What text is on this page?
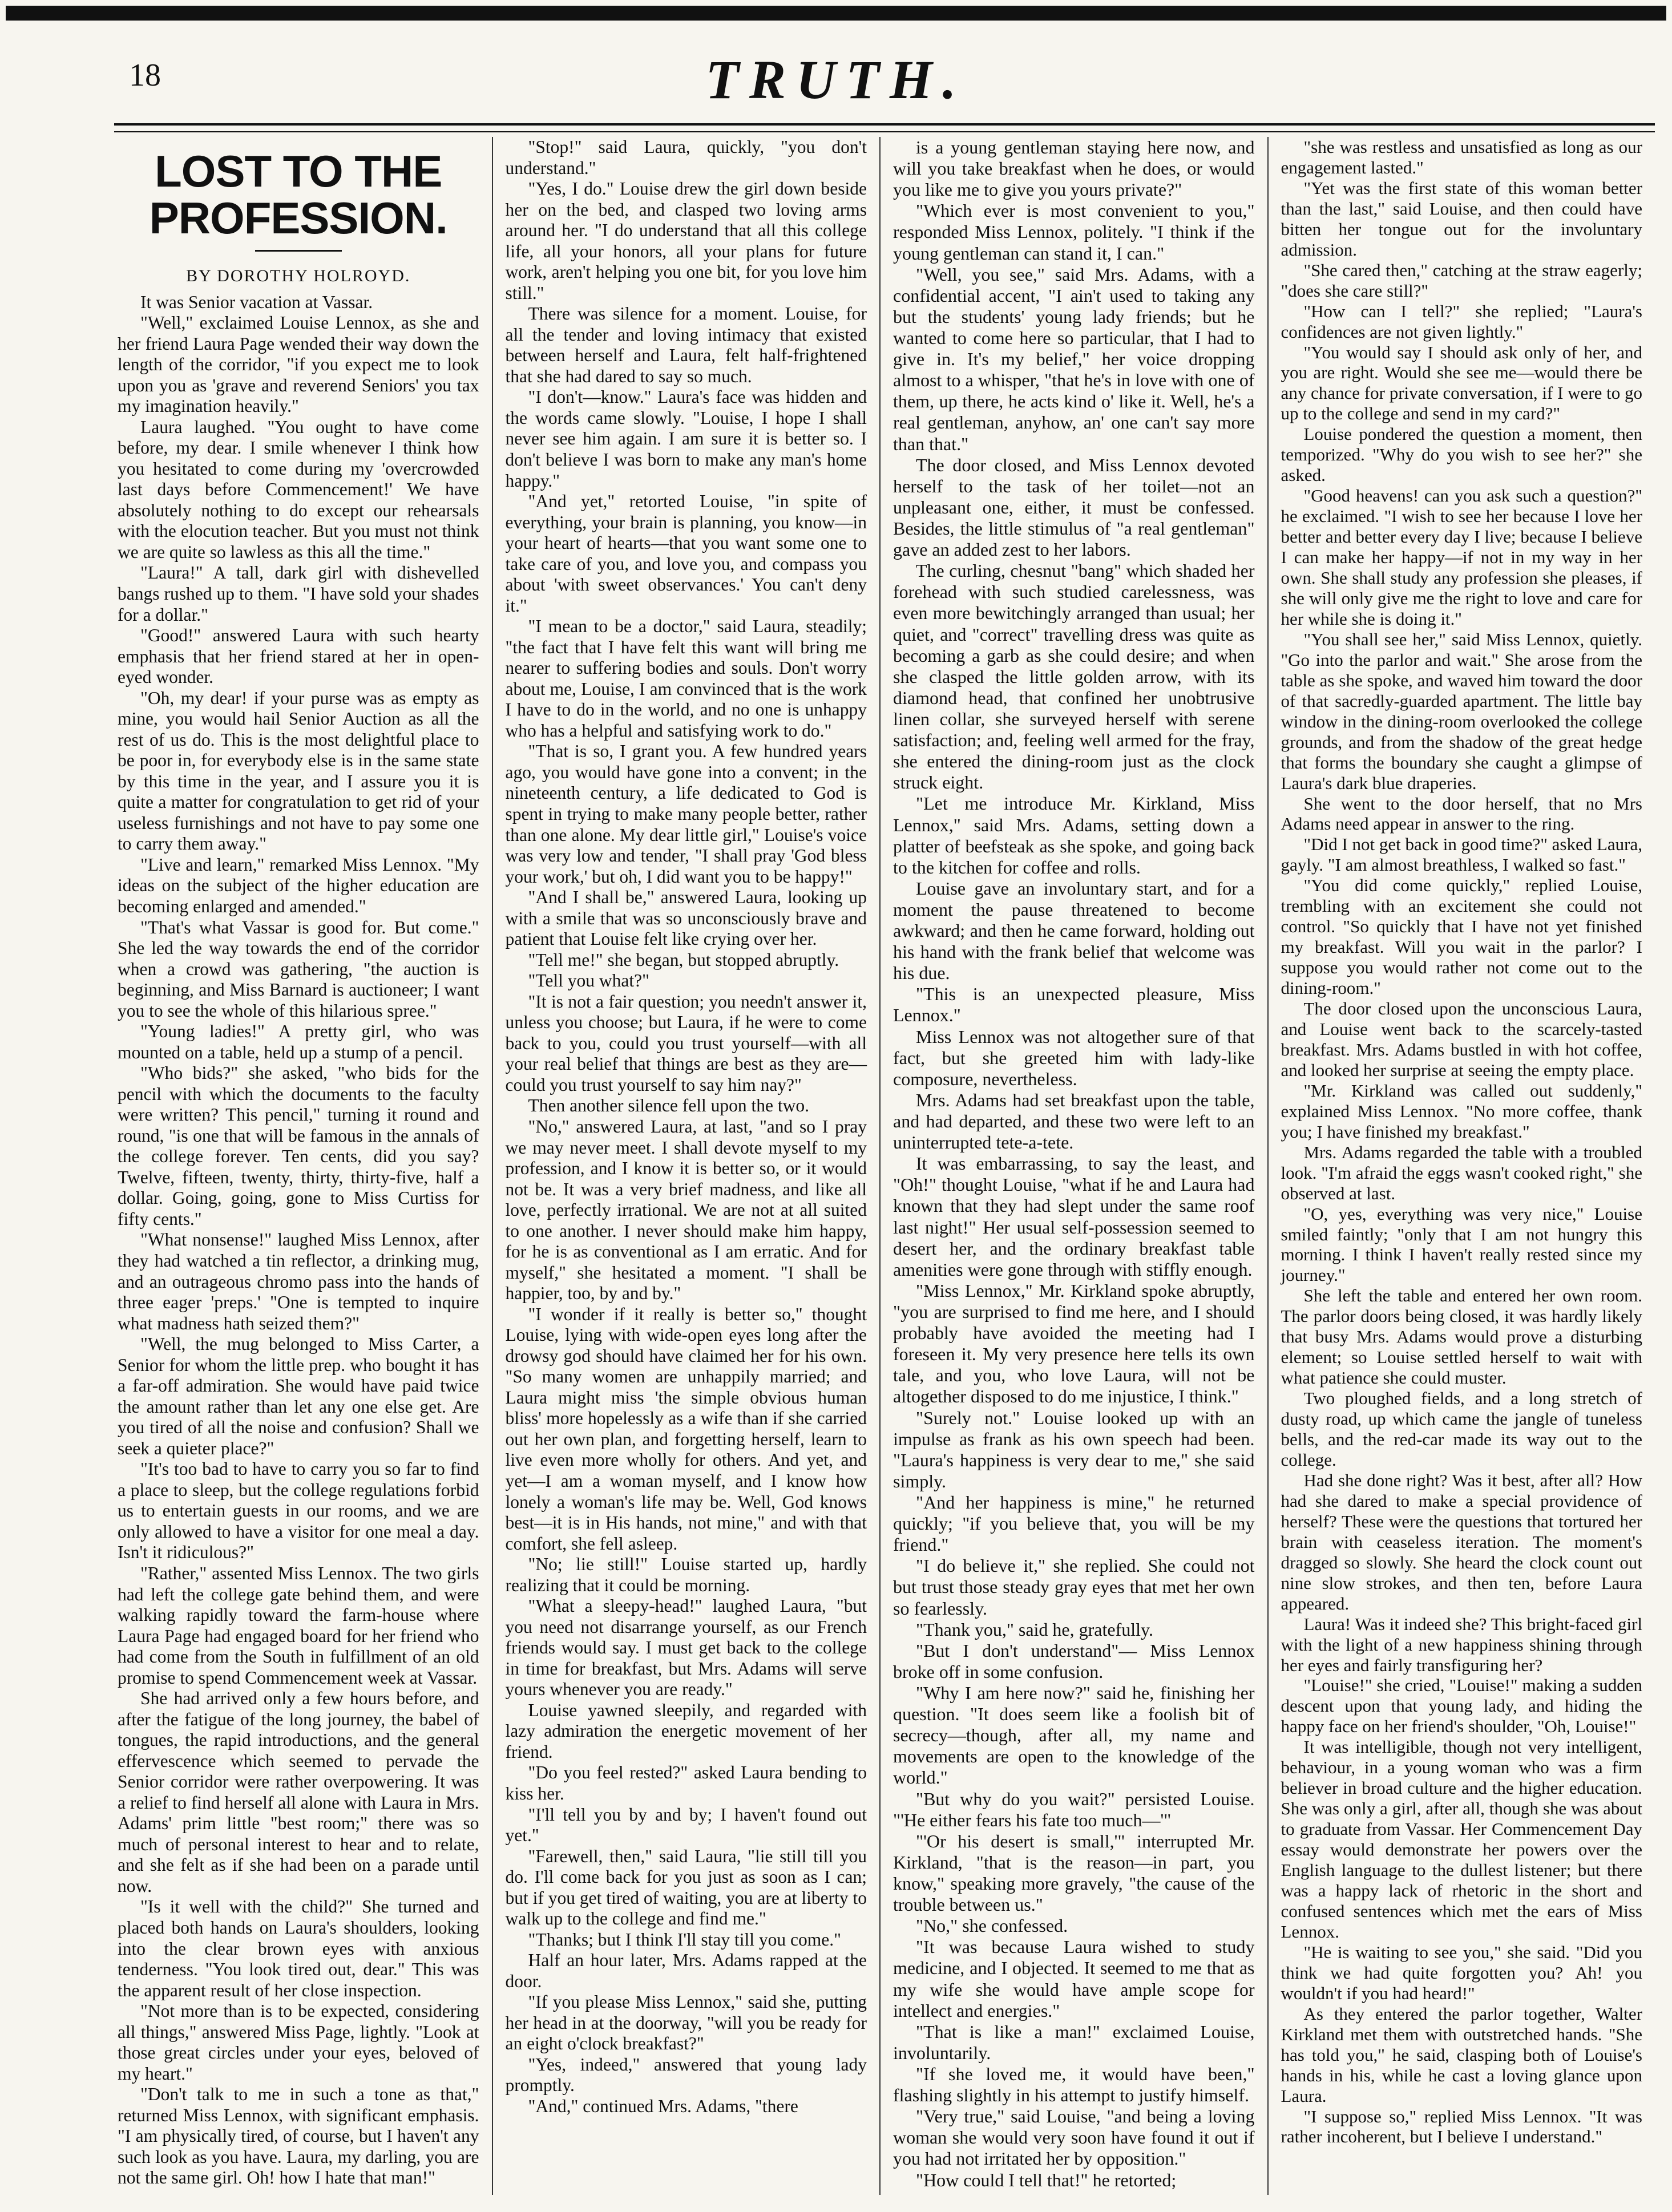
18	TRUTH.
LOST TO THE PROFESSION.
BY DOROTHY HOLROYD.

It was Senior vacation at Vassar.

"Well," exclaimed Louise Lennox, as she and her friend Laura Page wended their way down the length of the corridor, "if you expect me to look upon you as 'grave and reverend Seniors' you tax my imagination heavily."

Laura laughed. "You ought to have come before, my dear. I smile whenever I think how you hesitated to come during my 'overcrowded last days before Commencement!' We have absolutely nothing to do except our rehearsals with the elocution teacher. But you must not think we are quite so lawless as this all the time."

"Laura!" A tall, dark girl with dishevelled bangs rushed up to them. "I have sold your shades for a dollar."

"Good!" answered Laura with such hearty emphasis that her friend stared at her in open-eyed wonder.

"Oh, my dear! if your purse was as empty as mine, you would hail Senior Auction as all the rest of us do. This is the most delightful place to be poor in, for everybody else is in the same state by this time in the year, and I assure you it is quite a matter for congratulation to get rid of your useless furnishings and not have to pay some one to carry them away."

"Live and learn," remarked Miss Lennox. "My ideas on the subject of the higher education are becoming enlarged and amended."

"That's what Vassar is good for. But come." She led the way towards the end of the corridor when a crowd was gathering, "the auction is beginning, and Miss Barnard is auctioneer; I want you to see the whole of this hilarious spree."

"Young ladies!" A pretty girl, who was mounted on a table, held up a stump of a pencil.

"Who bids?" she asked, "who bids for the pencil with which the documents to the faculty were written? This pencil," turning it round and round, "is one that will be famous in the annals of the college forever. Ten cents, did you say? Twelve, fifteen, twenty, thirty, thirty-five, half a dollar. Going, going, gone to Miss Curtiss for fifty cents."

"What nonsense!" laughed Miss Lennox, after they had watched a tin reflector, a drinking mug, and an outrageous chromo pass into the hands of three eager 'preps.' "One is tempted to inquire what madness hath seized them?"

"Well, the mug belonged to Miss Carter, a Senior for whom the little prep. who bought it has a far-off admiration. She would have paid twice the amount rather than let any one else get. Are you tired of all the noise and confusion? Shall we seek a quieter place?"

"It's too bad to have to carry you so far to find a place to sleep, but the college regulations forbid us to entertain guests in our rooms, and we are only allowed to have a visitor for one meal a day. Isn't it ridiculous?"

"Rather," assented Miss Lennox. The two girls had left the college gate behind them, and were walking rapidly toward the farm-house where Laura Page had engaged board for her friend who had come from the South in fulfillment of an old promise to spend Commencement week at Vassar.

She had arrived only a few hours before, and after the fatigue of the long journey, the babel of tongues, the rapid introductions, and the general effervescence which seemed to pervade the Senior corridor were rather overpowering. It was a relief to find herself all alone with Laura in Mrs. Adams' prim little "best room;" there was so much of personal interest to hear and to relate, and she felt as if she had been on a parade until now.

"Is it well with the child?" She turned and placed both hands on Laura's shoulders, looking into the clear brown eyes with anxious tenderness. "You look tired out, dear." This was the apparent result of her close inspection.

"Not more than is to be expected, considering all things," answered Miss Page, lightly. "Look at those great circles under your eyes, beloved of my heart."

"Don't talk to me in such a tone as that," returned Miss Lennox, with significant emphasis. "I am physically tired, of course, but I haven't any such look as you have. Laura, my darling, you are not the same girl. Oh! how I hate that man!"

"Stop!" said Laura, quickly, "you don't understand."

"Yes, I do." Louise drew the girl down beside her on the bed, and clasped two loving arms around her. "I do understand that all this college life, all your honors, all your plans for future work, aren't helping you one bit, for you love him still."

There was silence for a moment. Louise, for all the tender and loving intimacy that existed between herself and Laura, felt half-frightened that she had dared to say so much.

"I don't—know." Laura's face was hidden and the words came slowly. "Louise, I hope I shall never see him again. I am sure it is better so. I don't believe I was born to make any man's home happy."

"And yet," retorted Louise, "in spite of everything, your brain is planning, you know—in your heart of hearts—that you want some one to take care of you, and love you, and compass you about 'with sweet observances.' You can't deny it."

"I mean to be a doctor," said Laura, steadily; "the fact that I have felt this want will bring me nearer to suffering bodies and souls. Don't worry about me, Louise, I am convinced that is the work I have to do in the world, and no one is unhappy who has a helpful and satisfying work to do."

"That is so, I grant you. A few hundred years ago, you would have gone into a convent; in the nineteenth century, a life dedicated to God is spent in trying to make many people better, rather than one alone. My dear little girl," Louise's voice was very low and tender, "I shall pray 'God bless your work,' but oh, I did want you to be happy!"

"And I shall be," answered Laura, looking up with a smile that was so unconsciously brave and patient that Louise felt like crying over her.

"Tell me!" she began, but stopped abruptly.

"Tell you what?"

"It is not a fair question; you needn't answer it, unless you choose; but Laura, if he were to come back to you, could you trust yourself—with all your real belief that things are best as they are—could you trust yourself to say him nay?"

Then another silence fell upon the two.

"No," answered Laura, at last, "and so I pray we may never meet. I shall devote myself to my profession, and I know it is better so, or it would not be. It was a very brief madness, and like all love, perfectly irrational. We are not at all suited to one another. I never should make him happy, for he is as conventional as I am erratic. And for myself," she hesitated a moment. "I shall be happier, too, by and by."

"I wonder if it really is better so," thought Louise, lying with wide-open eyes long after the drowsy god should have claimed her for his own. "So many women are unhappily married; and Laura might miss 'the simple obvious human bliss' more hopelessly as a wife than if she carried out her own plan, and forgetting herself, learn to live even more wholly for others. And yet, and yet—I am a woman myself, and I know how lonely a woman's life may be. Well, God knows best—it is in His hands, not mine," and with that comfort, she fell asleep.

"No; lie still!" Louise started up, hardly realizing that it could be morning.

"What a sleepy-head!" laughed Laura, "but you need not disarrange yourself, as our French friends would say. I must get back to the college in time for breakfast, but Mrs. Adams will serve yours whenever you are ready."

Louise yawned sleepily, and regarded with lazy admiration the energetic movement of her friend.

"Do you feel rested?" asked Laura bending to kiss her.

"I'll tell you by and by; I haven't found out yet."

"Farewell, then," said Laura, "lie still till you do. I'll come back for you just as soon as I can; but if you get tired of waiting, you are at liberty to walk up to the college and find me."

"Thanks; but I think I'll stay till you come."

Half an hour later, Mrs. Adams rapped at the door.

"If you please Miss Lennox," said she, putting her head in at the doorway, "will you be ready for an eight o'clock breakfast?"

"Yes, indeed," answered that young lady promptly.

"And," continued Mrs. Adams, "there

is a young gentleman staying here now, and will you take breakfast when he does, or would you like me to give you yours private?"

"Which ever is most convenient to you," responded Miss Lennox, politely. "I think if the young gentleman can stand it, I can."

"Well, you see," said Mrs. Adams, with a confidential accent, "I ain't used to taking any but the students' young lady friends; but he wanted to come here so particular, that I had to give in. It's my belief," her voice dropping almost to a whisper, "that he's in love with one of them, up there, he acts kind o' like it. Well, he's a real gentleman, anyhow, an' one can't say more than that."

The door closed, and Miss Lennox devoted herself to the task of her toilet—not an unpleasant one, either, it must be confessed. Besides, the little stimulus of "a real gentleman" gave an added zest to her labors.

The curling, chesnut "bang" which shaded her forehead with such studied carelessness, was even more bewitchingly arranged than usual; her quiet, and "correct" travelling dress was quite as becoming a garb as she could desire; and when she clasped the little golden arrow, with its diamond head, that confined her unobtrusive linen collar, she surveyed herself with serene satisfaction; and, feeling well armed for the fray, she entered the dining-room just as the clock struck eight.

"Let me introduce Mr. Kirkland, Miss Lennox," said Mrs. Adams, setting down a platter of beefsteak as she spoke, and going back to the kitchen for coffee and rolls.

Louise gave an involuntary start, and for a moment the pause threatened to become awkward; and then he came forward, holding out his hand with the frank belief that welcome was his due.

"This is an unexpected pleasure, Miss Lennox."

Miss Lennox was not altogether sure of that fact, but she greeted him with lady-like composure, nevertheless.

Mrs. Adams had set breakfast upon the table, and had departed, and these two were left to an uninterrupted tete-a-tete.

It was embarrassing, to say the least, and "Oh!" thought Louise, "what if he and Laura had known that they had slept under the same roof last night!" Her usual self-possession seemed to desert her, and the ordinary breakfast table amenities were gone through with stiffly enough.

"Miss Lennox," Mr. Kirkland spoke abruptly, "you are surprised to find me here, and I should probably have avoided the meeting had I foreseen it. My very presence here tells its own tale, and you, who love Laura, will not be altogether disposed to do me injustice, I think."

"Surely not." Louise looked up with an impulse as frank as his own speech had been. "Laura's happiness is very dear to me," she said simply.

"And her happiness is mine," he returned quickly; "if you believe that, you will be my friend."

"I do believe it," she replied. She could not but trust those steady gray eyes that met her own so fearlessly.

"Thank you," said he, gratefully.

"But I don't understand"— Miss Lennox broke off in some confusion.

"Why I am here now?" said he, finishing her question. "It does seem like a foolish bit of secrecy—though, after all, my name and movements are open to the knowledge of the world."

"But why do you wait?" persisted Louise. "'He either fears his fate too much—'"

"'Or his desert is small,'" interrupted Mr. Kirkland, "that is the reason—in part, you know," speaking more gravely, "the cause of the trouble between us."

"No," she confessed.

"It was because Laura wished to study medicine, and I objected. It seemed to me that as my wife she would have ample scope for intellect and energies."

"That is like a man!" exclaimed Louise, involuntarily.

"If she loved me, it would have been," flashing slightly in his attempt to justify himself.

"Very true," said Louise, "and being a loving woman she would very soon have found it out if you had not irritated her by opposition."

"How could I tell that!" he retorted;

"she was restless and unsatisfied as long as our engagement lasted."

"Yet was the first state of this woman better than the last," said Louise, and then could have bitten her tongue out for the involuntary admission.

"She cared then," catching at the straw eagerly; "does she care still?"

"How can I tell?" she replied; "Laura's confidences are not given lightly."

"You would say I should ask only of her, and you are right. Would she see me—would there be any chance for private conversation, if I were to go up to the college and send in my card?"

Louise pondered the question a moment, then temporized. "Why do you wish to see her?" she asked.

"Good heavens! can you ask such a question?" he exclaimed. "I wish to see her because I love her better and better every day I live; because I believe I can make her happy—if not in my way in her own. She shall study any profession she pleases, if she will only give me the right to love and care for her while she is doing it."

"You shall see her," said Miss Lennox, quietly. "Go into the parlor and wait." She arose from the table as she spoke, and waved him toward the door of that sacredly-guarded apartment. The little bay window in the dining-room overlooked the college grounds, and from the shadow of the great hedge that forms the boundary she caught a glimpse of Laura's dark blue draperies.

She went to the door herself, that no Mrs Adams need appear in answer to the ring.

"Did I not get back in good time?" asked Laura, gayly. "I am almost breathless, I walked so fast."

"You did come quickly," replied Louise, trembling with an excitement she could not control. "So quickly that I have not yet finished my breakfast. Will you wait in the parlor? I suppose you would rather not come out to the dining-room."

The door closed upon the unconscious Laura, and Louise went back to the scarcely-tasted breakfast. Mrs. Adams bustled in with hot coffee, and looked her surprise at seeing the empty place.

"Mr. Kirkland was called out suddenly," explained Miss Lennox. "No more coffee, thank you; I have finished my breakfast."

Mrs. Adams regarded the table with a troubled look. "I'm afraid the eggs wasn't cooked right," she observed at last.

"O, yes, everything was very nice," Louise smiled faintly; "only that I am not hungry this morning. I think I haven't really rested since my journey."

She left the table and entered her own room. The parlor doors being closed, it was hardly likely that busy Mrs. Adams would prove a disturbing element; so Louise settled herself to wait with what patience she could muster.

Two ploughed fields, and a long stretch of dusty road, up which came the jangle of tuneless bells, and the red-car made its way out to the college.

Had she done right? Was it best, after all? How had she dared to make a special providence of herself? These were the questions that tortured her brain with ceaseless iteration. The moment's dragged so slowly. She heard the clock count out nine slow strokes, and then ten, before Laura appeared.

Laura! Was it indeed she? This bright-faced girl with the light of a new happiness shining through her eyes and fairly transfiguring her?

"Louise!" she cried, "Louise!" making a sudden descent upon that young lady, and hiding the happy face on her friend's shoulder, "Oh, Louise!"

It was intelligible, though not very intelligent, behaviour, in a young woman who was a firm believer in broad culture and the higher education. She was only a girl, after all, though she was about to graduate from Vassar. Her Commencement Day essay would demonstrate her powers over the English language to the dullest listener; but there was a happy lack of rhetoric in the short and confused sentences which met the ears of Miss Lennox.

"He is waiting to see you," she said. "Did you think we had quite forgotten you? Ah! you wouldn't if you had heard!"

As they entered the parlor together, Walter Kirkland met them with outstretched hands. "She has told you," he said, clasping both of Louise's hands in his, while he cast a loving glance upon Laura.

"I suppose so," replied Miss Lennox. "It was rather incoherent, but I believe I understand."
